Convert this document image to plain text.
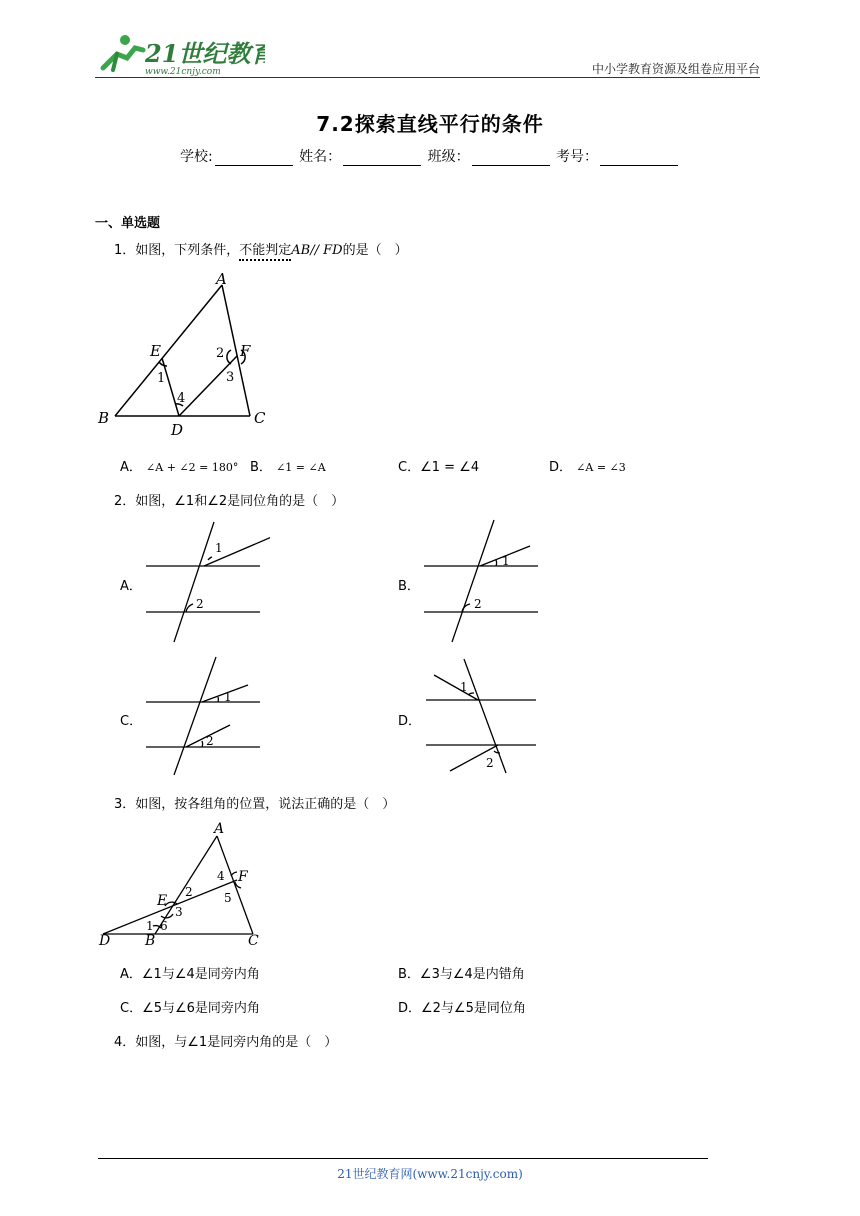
21世纪教育
www.21cnjy.com	中小学教育资源及组卷应用平台
7.2探索直线平行的条件
学校:	姓名：	班级：	考号：
一、单选题
1．如图，下列条件，不能判定AB// FD的是（　）
A
E	F
B
D
C
1
2
3
4
A． ∠A + ∠2 = 180° B． ∠1 = ∠A	C．∠1 = ∠4	D． ∠A = ∠3
2．如图，∠1和∠2是同位角的是（　）
A．
1
2
B．
1
2
C．
1
2
D．
1
2
3．如图，按各组角的位置，说法正确的是（　）
A
F
E
D B	C
1
2
3
4
5
6
A．∠1与∠4是同旁内角	B．∠3与∠4是内错角
C．∠5与∠6是同旁内角	D．∠2与∠5是同位角
4．如图，与∠1是同旁内角的是（　）
21世纪教育网(www.21cnjy.com)
